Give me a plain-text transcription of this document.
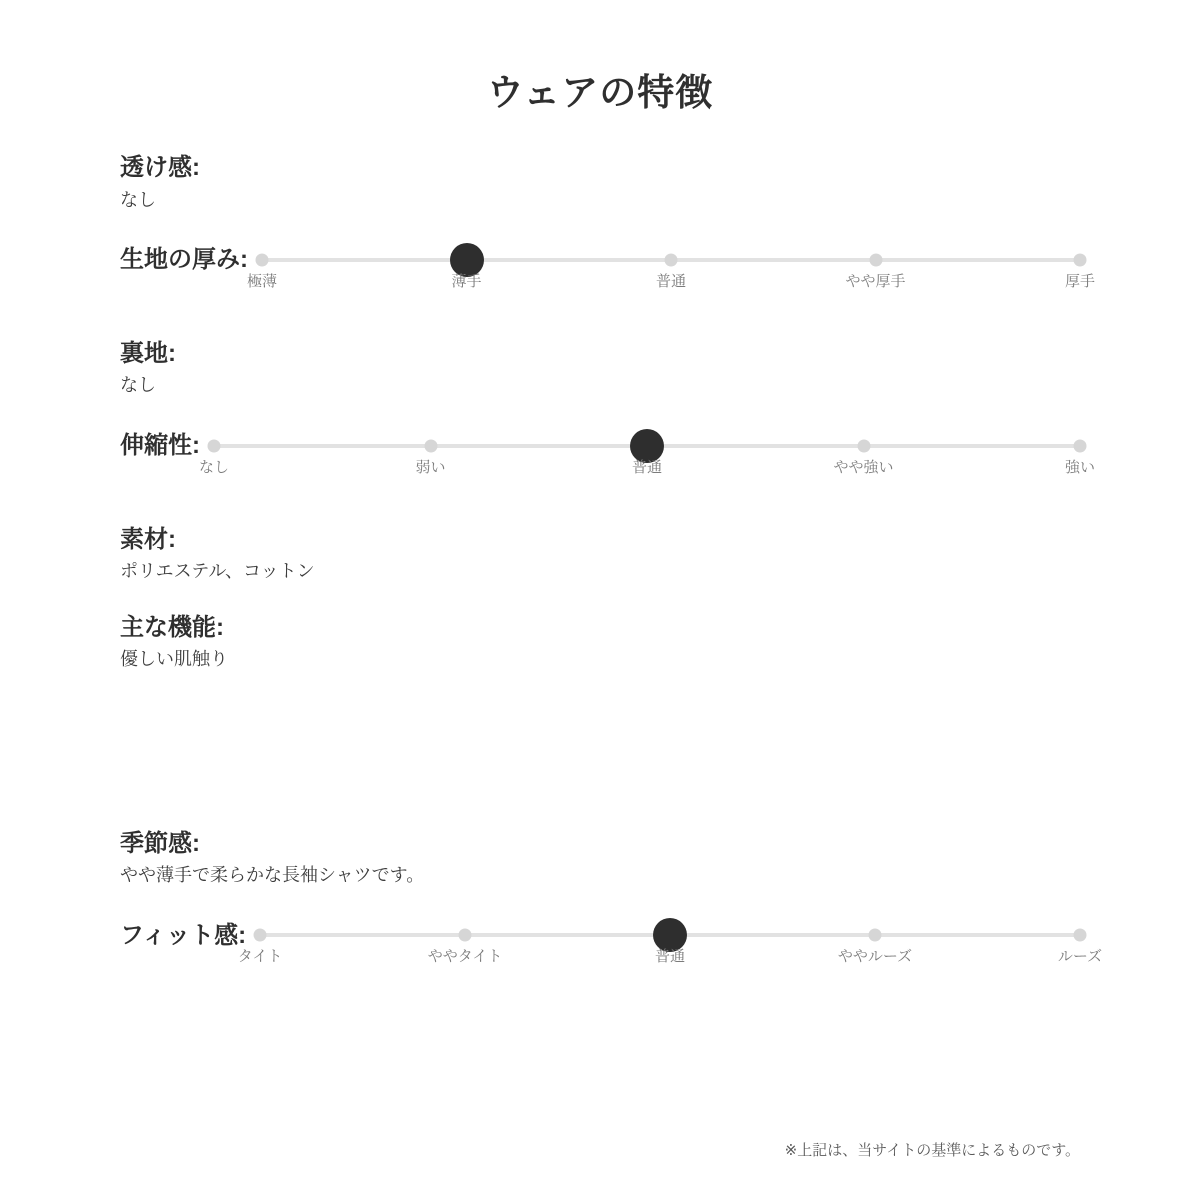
ウェアの特徴
透け感:

なし

生地の厚み:
極薄	薄手	普通	やや厚手	厚手
裏地:

なし

伸縮性:
なし	弱い	普通	やや強い	強い
素材:

ポリエステル、コットン

主な機能:

優しい肌触り

季節感:

やや薄手で柔らかな長袖シャツです。

フィット感:
タイト	ややタイト	普通	ややルーズ	ルーズ
※上記は、当サイトの基準によるものです。
